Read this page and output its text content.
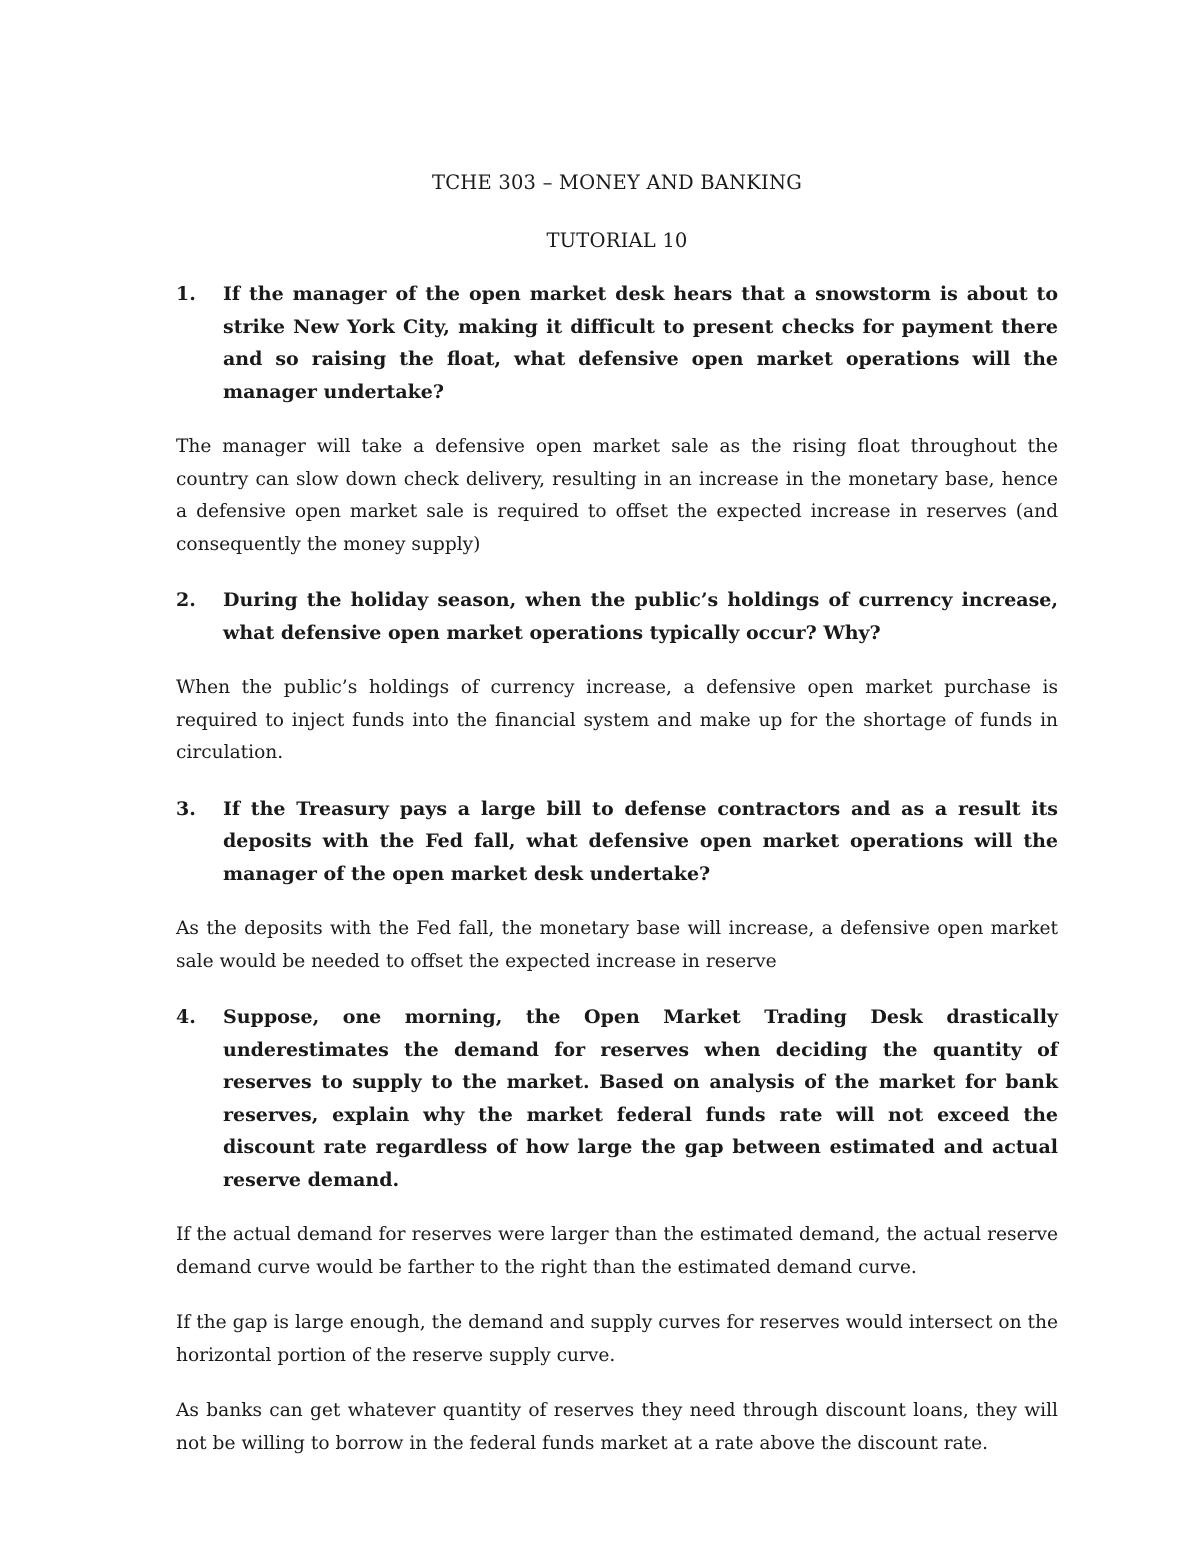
TCHE 303 – MONEY AND BANKING
TUTORIAL 10
1.	If the manager of the open market desk hears that a snowstorm is about to strike New York City, making it difficult to present checks for payment there and so raising the float, what defensive open market operations will the manager undertake?

The manager will take a defensive open market sale as the rising float throughout the country can slow down check delivery, resulting in an increase in the monetary base, hence a defensive open market sale is required to offset the expected increase in reserves (and consequently the money supply)

2.	During the holiday season, when the public’s holdings of currency increase, what defensive open market operations typically occur? Why?

When the public’s holdings of currency increase, a defensive open market purchase is required to inject funds into the financial system and make up for the shortage of funds in circulation.

3.	If the Treasury pays a large bill to defense contractors and as a result its deposits with the Fed fall, what defensive open market operations will the manager of the open market desk undertake?

As the deposits with the Fed fall, the monetary base will increase, a defensive open market sale would be needed to offset the expected increase in reserve

4.	Suppose, one morning, the Open Market Trading Desk drastically underestimates the demand for reserves when deciding the quantity of reserves to supply to the market. Based on analysis of the market for bank reserves, explain why the market federal funds rate will not exceed the discount rate regardless of how large the gap between estimated and actual reserve demand.

If the actual demand for reserves were larger than the estimated demand, the actual reserve demand curve would be farther to the right than the estimated demand curve.

If the gap is large enough, the demand and supply curves for reserves would intersect on the horizontal portion of the reserve supply curve.

As banks can get whatever quantity of reserves they need through discount loans, they will not be willing to borrow in the federal funds market at a rate above the discount rate.
